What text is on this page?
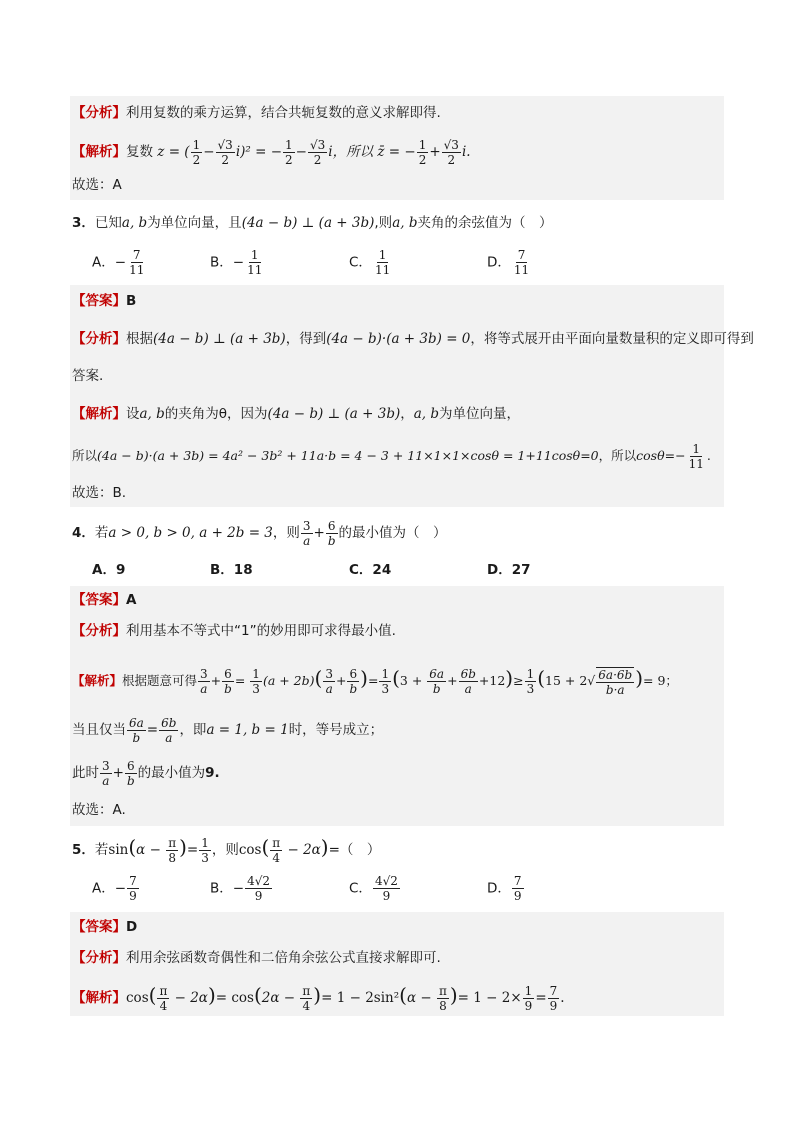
【分析】利用复数的乘方运算，结合共轭复数的意义求解即得.
【解析】复数 z = ( $\frac{1}{2} - \frac{√3}{2} i)^2$ = − $\frac{1}{2} - \frac{√3}{2}$ i，所以 z̄ = − $\frac{1}{2} + \frac{√3}{2} i$.
故选：A
3．已知a, b为单位向量，且(4a − b) ⊥ (a + 3b),则a, b夹角的余弦值为（　）
A．− $\frac{7}{11}$	B．− $\frac{1}{11}$	C． $\frac{1}{11}$	D． $\frac{7}{11}$
【答案】B
【分析】根据(4a − b) ⊥ (a + 3b)，得到(4a − b)·(a + 3b) = 0，将等式展开由平面向量数量积的定义即可得到
答案.
【解析】设a, b的夹角为θ，因为(4a − b) ⊥ (a + 3b)，a, b为单位向量，
所以(4a − b)·(a + 3b) = 4a² − 3b² + 11a·b = 4 − 3 + 11×1×1×cosθ = 1+11cosθ=0，所以$\cos\theta=- \frac{1}{11}$ .
故选：B.
4．若a > 0, b > 0, a + 2b = 3，则 $\frac{3}{a} + \frac{6}{b}$ 的最小值为（　）
A．9	B．18	C．24	D．27
【答案】A
【分析】利用基本不等式中“1”的妙用即可求得最小值.
【解析】根据题意可得 $\frac{3}{a} + \frac{6}{b} = \frac{1}{3} (a + 2b)( \frac{3}{a} + \frac{6}{b}$ )= $\frac{1}{3} (3 + \frac{6a}{b} + \frac{6b}{a} +12)\ge \frac{1}{3} (15 + 2√ \frac{6a\cdot 6b}{b\cdot a}$ )= 9；
当且仅当 $\frac{6a}{b} = \frac{6b}{a}$ ，即a = 1, b = 1时，等号成立；
此时 $\frac{3}{a} + \frac{6}{b}$ 的最小值为9.
故选：A.
5．若$\sin(\alpha - \frac{\pi}{8}$ )= $\frac{1}{3}$ ，则$\cos( \frac{\pi}{4} - 2\alpha)=$（　）
A．− $\frac{7}{9}$	B．− $\frac{4√2}{9}$	C． $\frac{4√2}{9}$	D． $\frac{7}{9}$
【答案】D
【分析】利用余弦函数奇偶性和二倍角余弦公式直接求解即可.
【解析】$\cos( \frac{\pi}{4} - 2\alpha)= \cos(2\alpha - \frac{\pi}{4}$ )= $1 - 2\sin^2(\alpha - \frac{\pi}{8}$ )= $1 - 2\times \frac{1}{9} = \frac{7}{9}$ .
